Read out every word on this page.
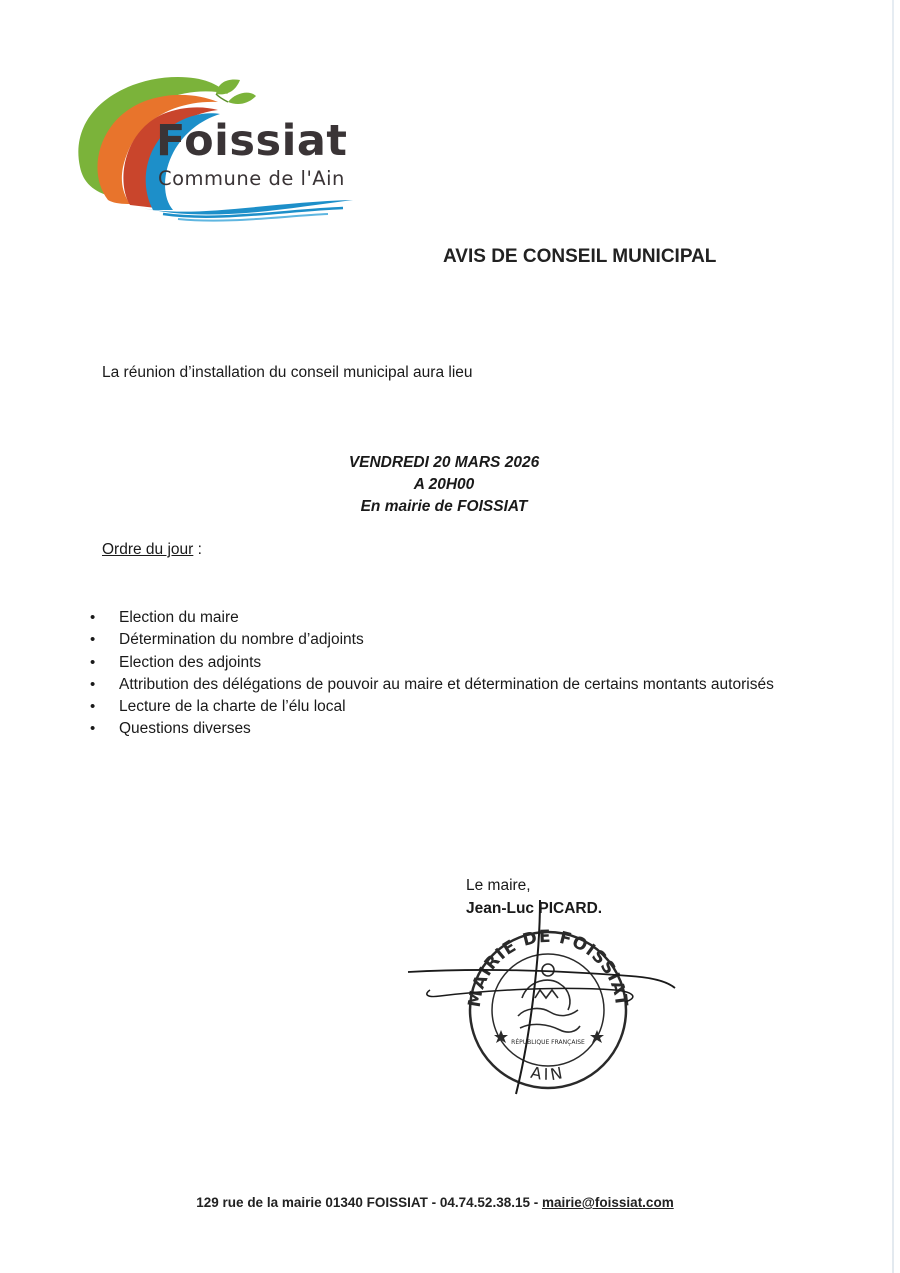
Foissiat
Commune de l'Ain
AVIS DE CONSEIL MUNICIPAL
La réunion d’installation du conseil municipal aura lieu
VENDREDI 20 MARS 2026
A 20H00
En mairie de FOISSIAT
Ordre du jour :
• Election du maire
• Détermination du nombre d’adjoints
• Election des adjoints
• Attribution des délégations de pouvoir au maire et détermination de certains montants autorisés
• Lecture de la charte de l’élu local
• Questions diverses
Le maire,
Jean-Luc PICARD.
MAIRIE DE FOISSIAT
AIN
RÉPUBLIQUE FRANÇAISE
129 rue de la mairie 01340 FOISSIAT - 04.74.52.38.15 - mairie@foissiat.com
